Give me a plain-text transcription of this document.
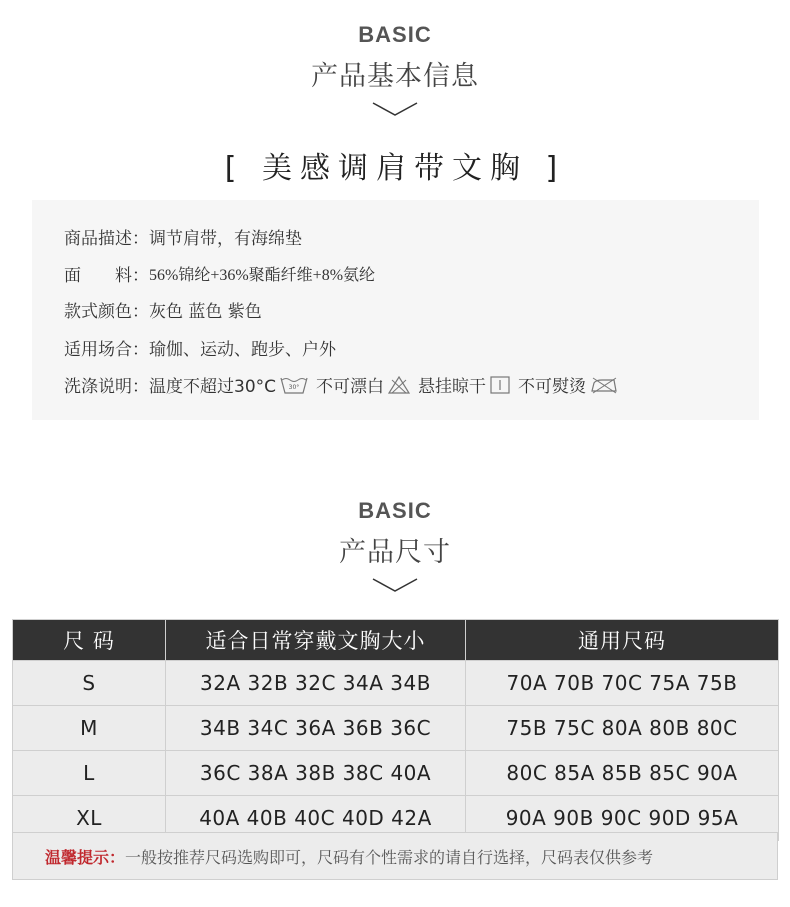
BASIC
产品基本信息
[ 美感调肩带文胸 ]
商品描述： 调节肩带，有海绵垫
面　　料： 56%锦纶+36%聚酯纤维+8%氨纶
款式颜色： 灰色 蓝色 紫色
适用场合： 瑜伽、运动、跑步、户外
洗涤说明： 温度不超过30°C 30° 不可漂白 悬挂晾干 不可熨烫
BASIC
产品尺寸
尺 码	适合日常穿戴文胸大小	通用尺码
S	32A 32B 32C 34A 34B	70A 70B 70C 75A 75B
M	34B 34C 36A 36B 36C	75B 75C 80A 80B 80C
L	36C 38A 38B 38C 40A	80C 85A 85B 85C 90A
XL	40A 40B 40C 40D 42A	90A 90B 90C 90D 95A
温馨提示： 一般按推荐尺码选购即可，尺码有个性需求的请自行选择，尺码表仅供参考
